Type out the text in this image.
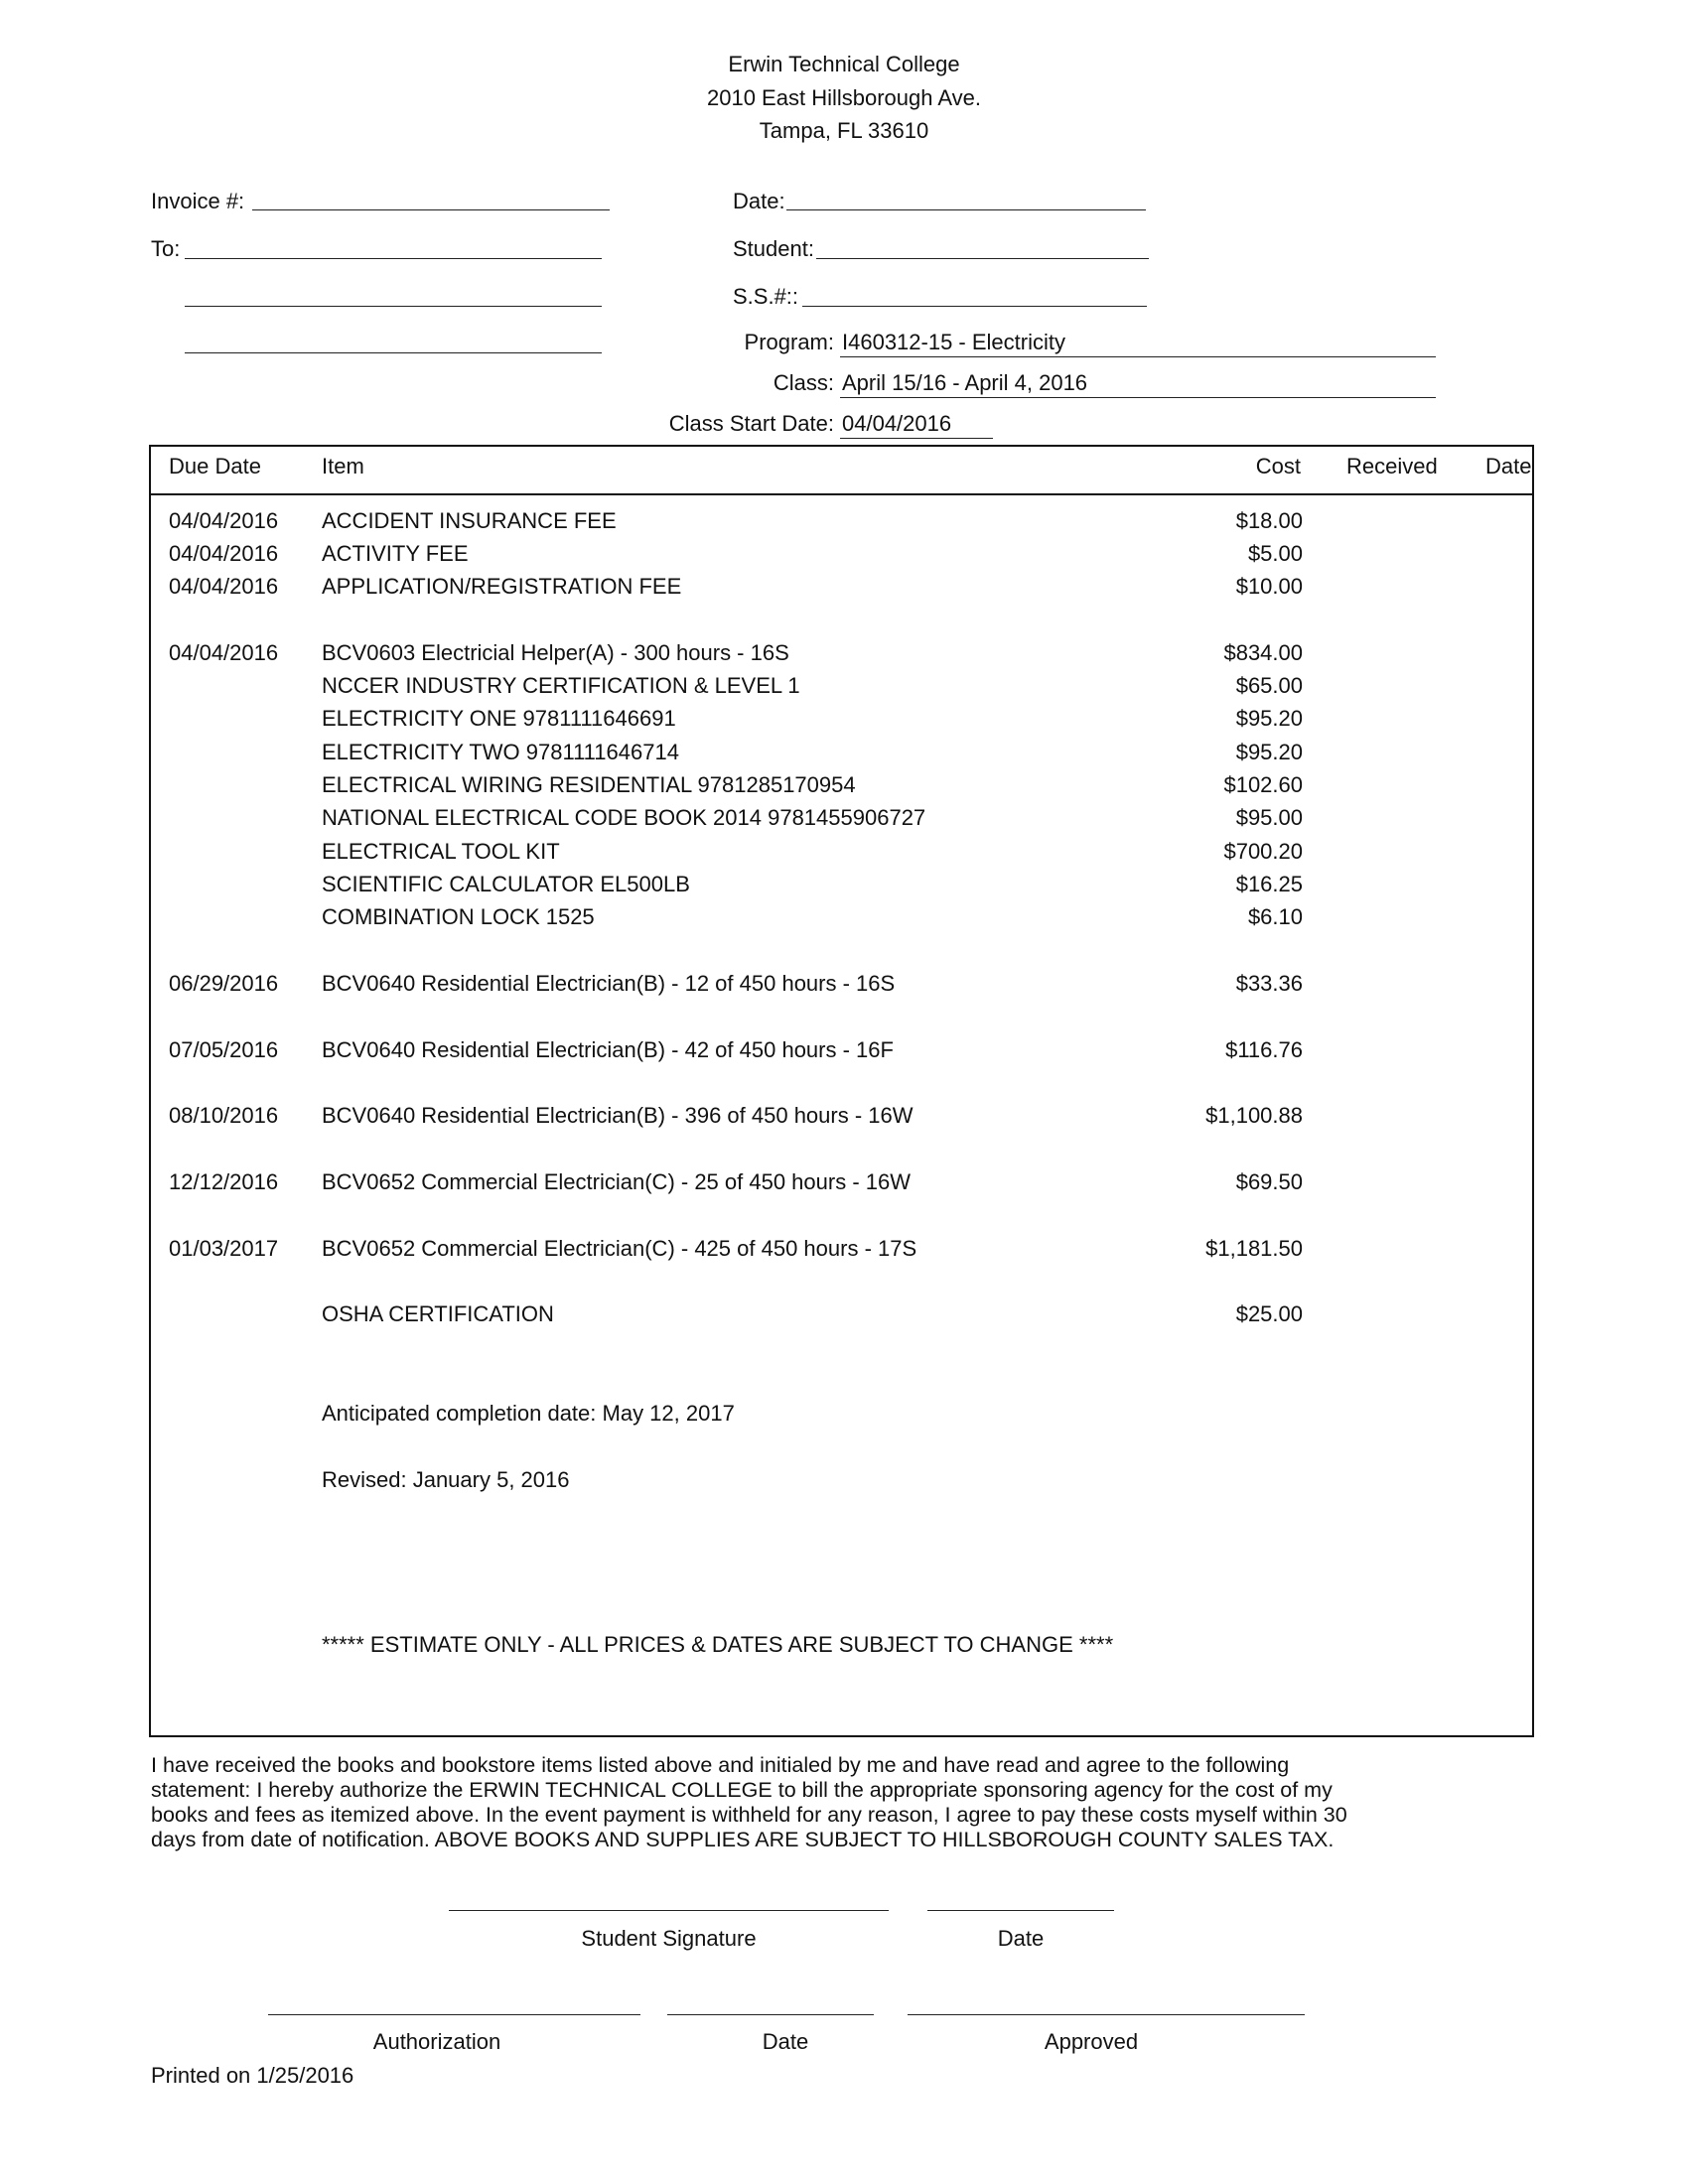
Erwin Technical College
2010 East Hillsborough Ave.
Tampa, FL 33610
Invoice #:
To:
Date:
Student:
S.S.#::
Program: I460312-15 - Electricity
Class: April 15/16 - April 4, 2016
Class Start Date: 04/04/2016
Due Date	Item	Cost Received Date
04/04/2016 ACCIDENT INSURANCE FEE	$18.00
04/04/2016 ACTIVITY FEE	$5.00
04/04/2016 APPLICATION/REGISTRATION FEE	$10.00
04/04/2016 BCV0603 Electricial Helper(A) - 300 hours - 16S	$834.00
NCCER INDUSTRY CERTIFICATION & LEVEL 1	$65.00
ELECTRICITY ONE 9781111646691	$95.20
ELECTRICITY TWO 9781111646714	$95.20
ELECTRICAL WIRING RESIDENTIAL 9781285170954	$102.60
NATIONAL ELECTRICAL CODE BOOK 2014 9781455906727	$95.00
ELECTRICAL TOOL KIT	$700.20
SCIENTIFIC CALCULATOR EL500LB	$16.25
COMBINATION LOCK 1525	$6.10
06/29/2016 BCV0640 Residential Electrician(B) - 12 of 450 hours - 16S	$33.36
07/05/2016 BCV0640 Residential Electrician(B) - 42 of 450 hours - 16F	$116.76
08/10/2016 BCV0640 Residential Electrician(B) - 396 of 450 hours - 16W	$1,100.88
12/12/2016 BCV0652 Commercial Electrician(C) - 25 of 450 hours - 16W	$69.50
01/03/2017 BCV0652 Commercial Electrician(C) - 425 of 450 hours - 17S	$1,181.50
OSHA CERTIFICATION	$25.00
Anticipated completion date: May 12, 2017
Revised: January 5, 2016
***** ESTIMATE ONLY - ALL PRICES & DATES ARE SUBJECT TO CHANGE ****
I have received the books and bookstore items listed above and initialed by me and have read and agree to the following
statement: I hereby authorize the ERWIN TECHNICAL COLLEGE to bill the appropriate sponsoring agency for the cost of my
books and fees as itemized above. In the event payment is withheld for any reason, I agree to pay these costs myself within 30
days from date of notification. ABOVE BOOKS AND SUPPLIES ARE SUBJECT TO HILLSBOROUGH COUNTY SALES TAX.
Student Signature	Date
Authorization	Date	Approved
Printed on 1/25/2016
